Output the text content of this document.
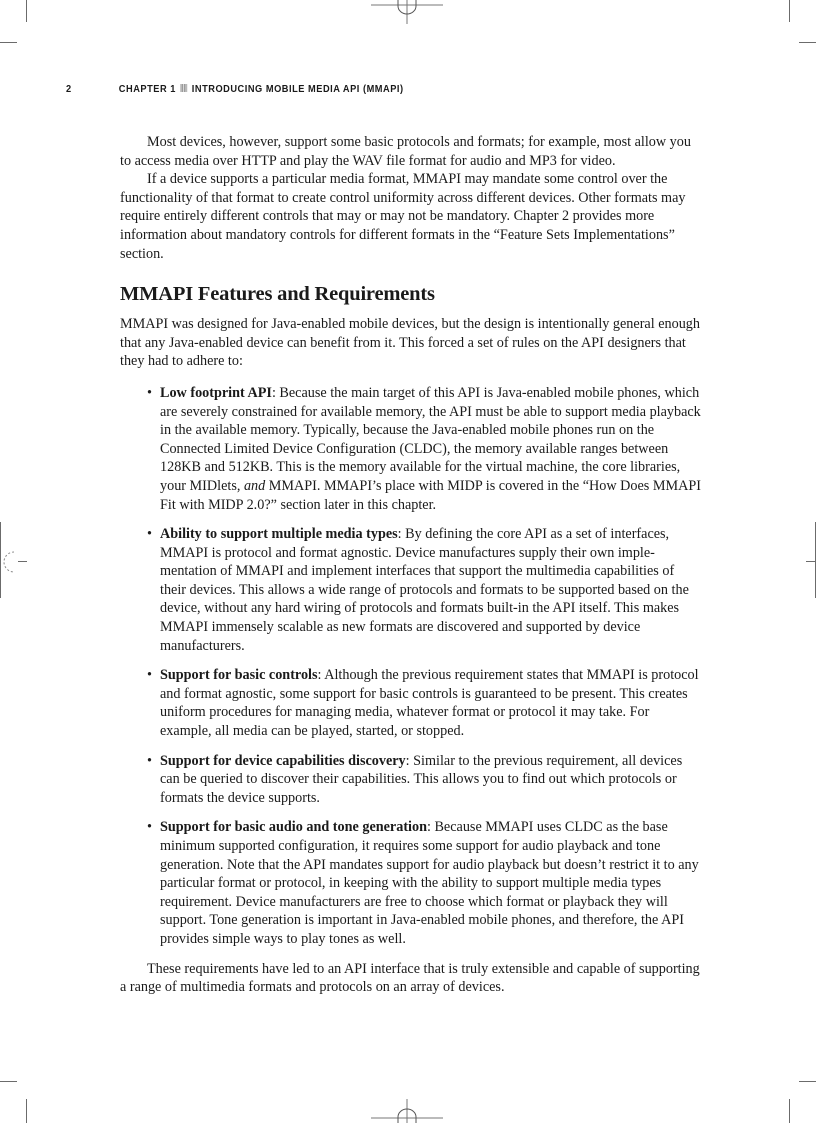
2	CHAPTER 1 INTRODUCING MOBILE MEDIA API (MMAPI)

Most devices, however, support some basic protocols and formats; for example, most allow you to access media over HTTP and play the WAV file format for audio and MP3 for video.

If a device supports a particular media format, MMAPI may mandate some control over the functionality of that format to create control uniformity across different devices. Other formats may require entirely different controls that may or may not be mandatory. Chapter 2 provides more information about mandatory controls for different formats in the “Feature Sets Implementations” section.

MMAPI Features and Requirements

MMAPI was designed for Java-enabled mobile devices, but the design is intentionally general enough that any Java-enabled device can benefit from it. This forced a set of rules on the API designers that they had to adhere to:

• Low footprint API: Because the main target of this API is Java-enabled mobile phones, which are severely constrained for available memory, the API must be able to support media playback in the available memory. Typically, because the Java-enabled mobile phones run on the Connected Limited Device Configuration (CLDC), the memory available ranges between 128KB and 512KB. This is the memory available for the virtual machine, the core libraries, your MIDlets, and MMAPI. MMAPI’s place with MIDP is covered in the “How Does MMAPI Fit with MIDP 2.0?” section later in this chapter.
• Ability to support multiple media types: By defining the core API as a set of interfaces, MMAPI is protocol and format agnostic. Device manufactures supply their own implementation of MMAPI and implement interfaces that support the multimedia capabilities of their devices. This allows a wide range of protocols and formats to be supported based on the device, without any hard wiring of protocols and formats built-in the API itself. This makes MMAPI immensely scalable as new formats are discovered and supported by device manufacturers.
• Support for basic controls: Although the previous requirement states that MMAPI is protocol and format agnostic, some support for basic controls is guaranteed to be present. This creates uniform procedures for managing media, whatever format or protocol it may take. For example, all media can be played, started, or stopped.
• Support for device capabilities discovery: Similar to the previous requirement, all devices can be queried to discover their capabilities. This allows you to find out which protocols or formats the device supports.
• Support for basic audio and tone generation: Because MMAPI uses CLDC as the base minimum supported configuration, it requires some support for audio playback and tone generation. Note that the API mandates support for audio playback but doesn’t restrict it to any particular format or protocol, in keeping with the ability to support multiple media types requirement. Device manufacturers are free to choose which format or playback they will support. Tone generation is important in Java-enabled mobile phones, and therefore, the API provides simple ways to play tones as well.

These requirements have led to an API interface that is truly extensible and capable of supporting a range of multimedia formats and protocols on an array of devices.
